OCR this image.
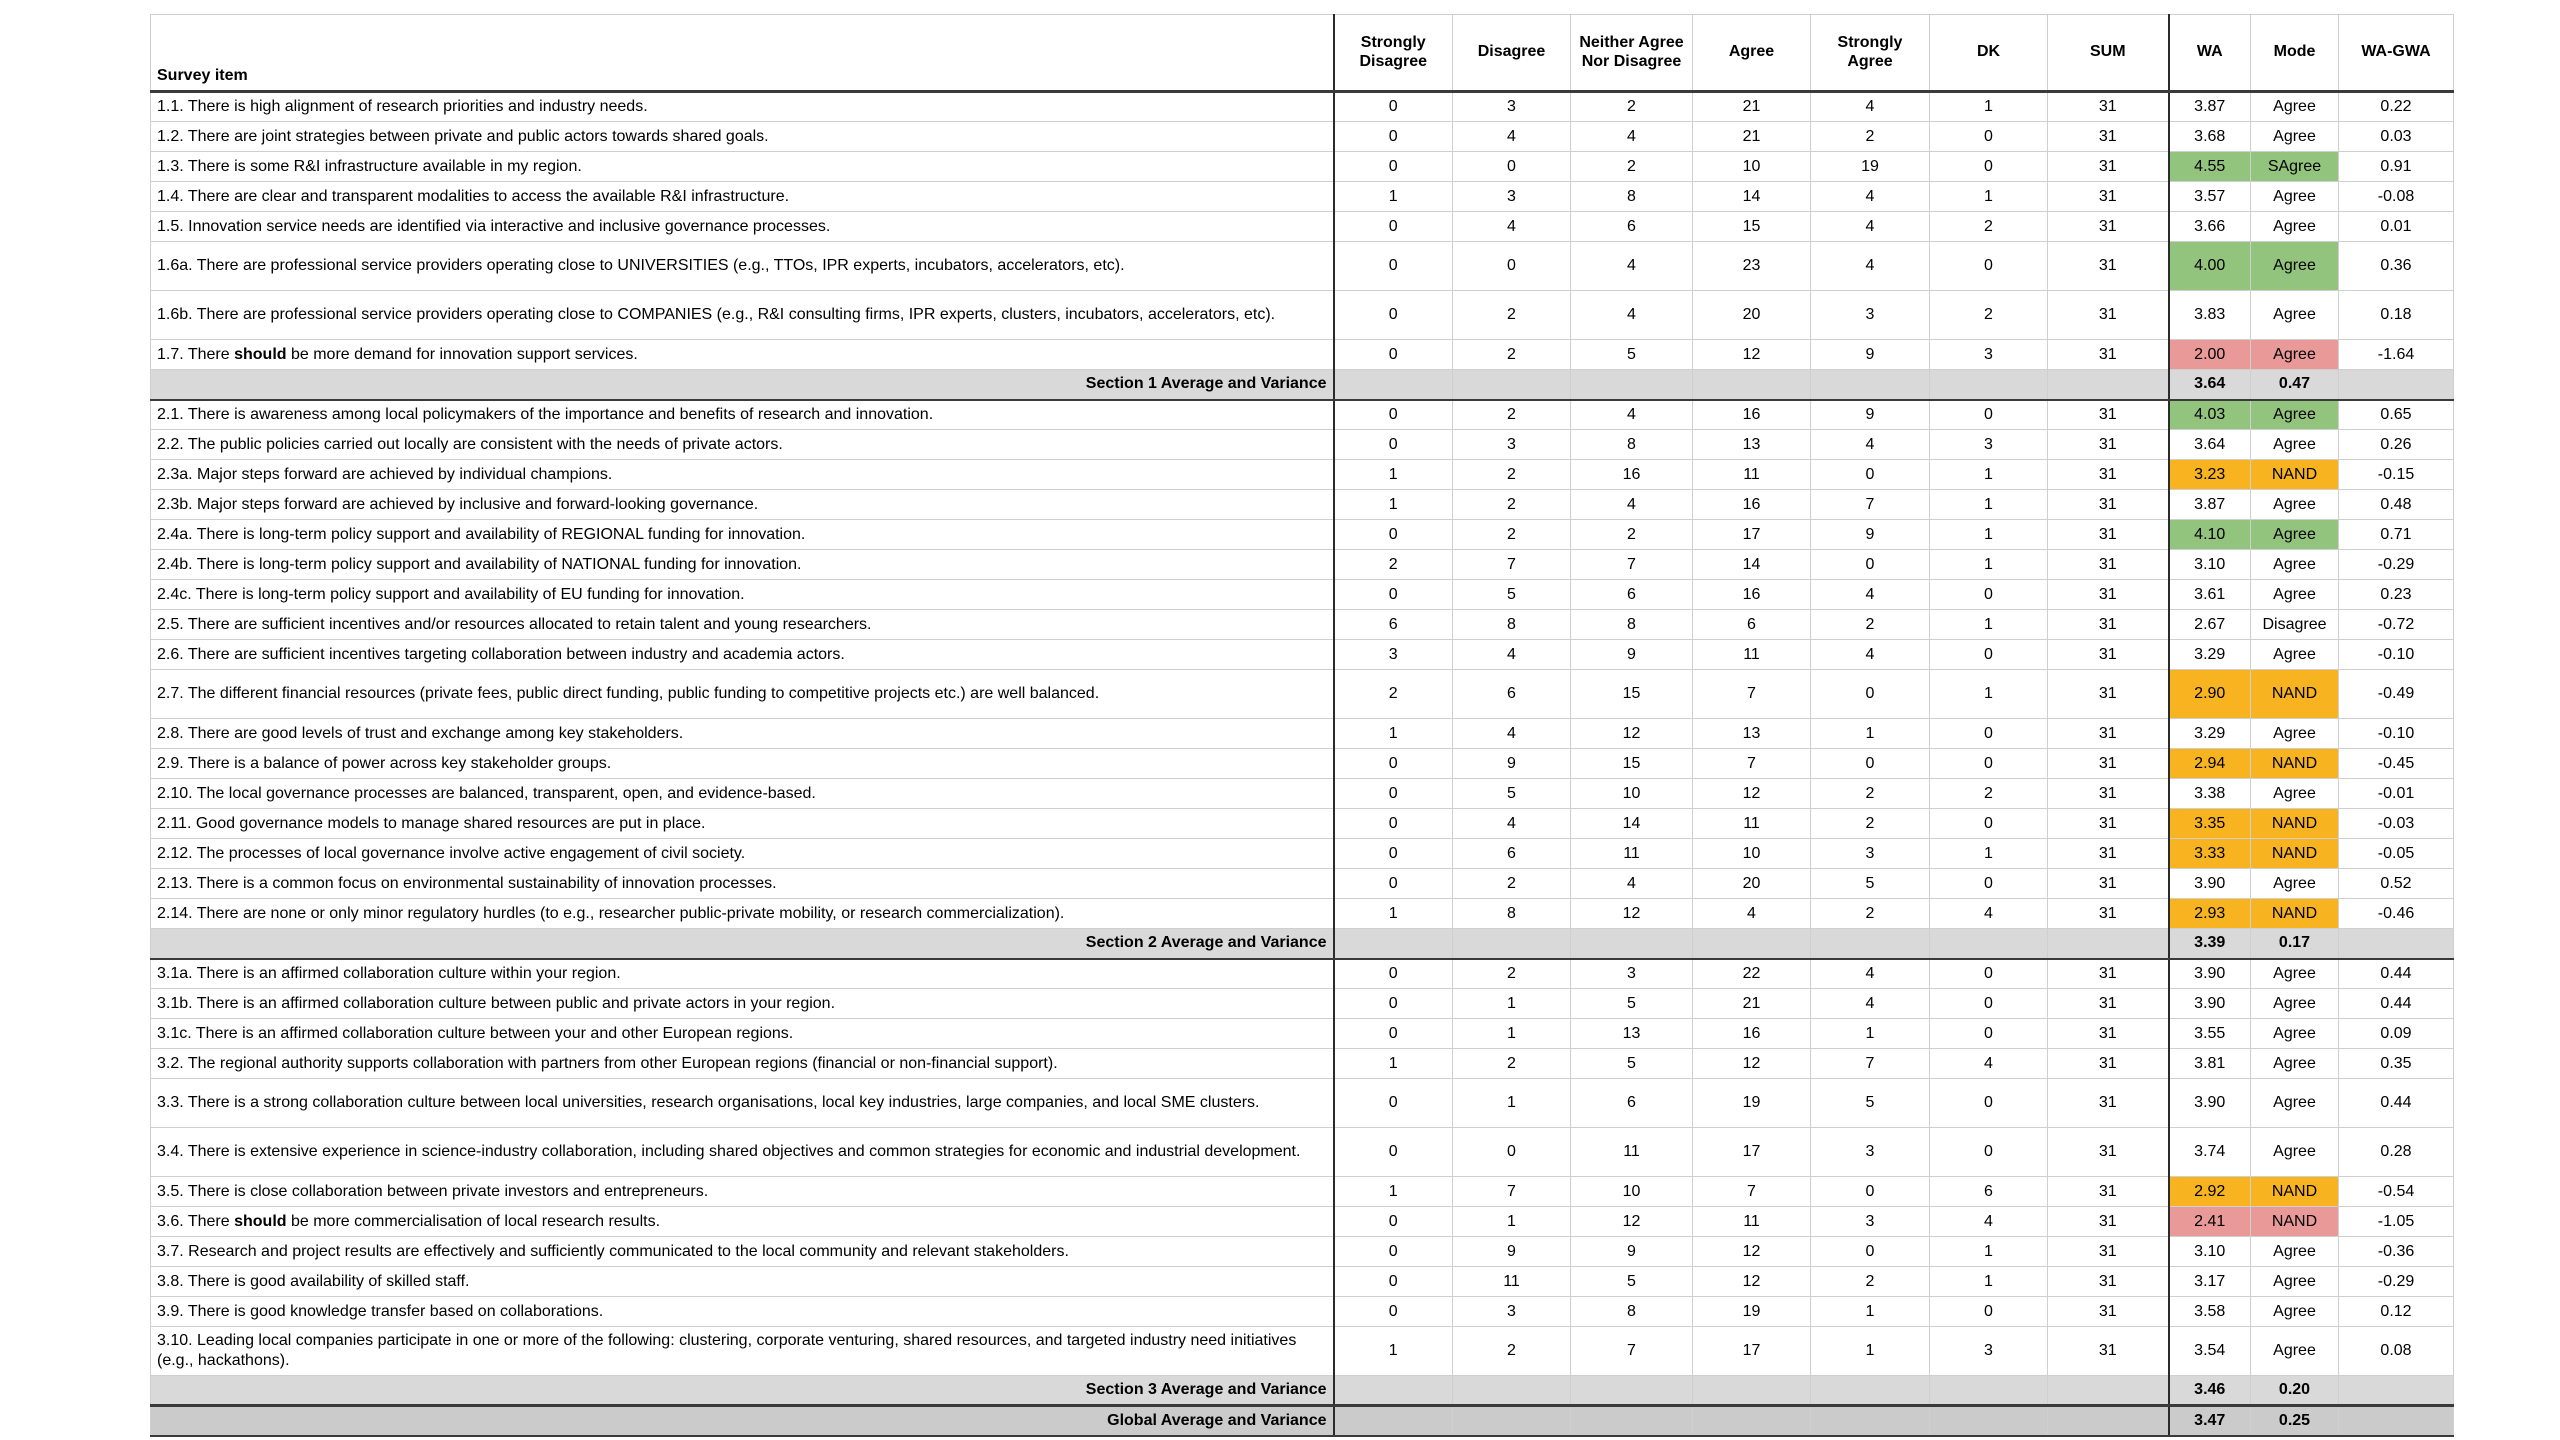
Survey item	Strongly Disagree	Disagree	Neither Agree Nor Disagree	Agree	Strongly Agree	DK	SUM	WA	Mode	WA-GWA
1.1. There is high alignment of research priorities and industry needs.	0	3	2	21	4	1	31	3.87	Agree	0.22
1.2. There are joint strategies between private and public actors towards shared goals.	0	4	4	21	2	0	31	3.68	Agree	0.03
1.3. There is some R&I infrastructure available in my region.	0	0	2	10	19	0	31	4.55	SAgree	0.91
1.4. There are clear and transparent modalities to access the available R&I infrastructure.	1	3	8	14	4	1	31	3.57	Agree	-0.08
1.5. Innovation service needs are identified via interactive and inclusive governance processes.	0	4	6	15	4	2	31	3.66	Agree	0.01
1.6a. There are professional service providers operating close to UNIVERSITIES (e.g., TTOs, IPR experts, incubators, accelerators, etc).	0	0	4	23	4	0	31	4.00	Agree	0.36
1.6b. There are professional service providers operating close to COMPANIES (e.g., R&I consulting firms, IPR experts, clusters, incubators, accelerators, etc).	0	2	4	20	3	2	31	3.83	Agree	0.18
1.7. There should be more demand for innovation support services.	0	2	5	12	9	3	31	2.00	Agree	-1.64
Section 1 Average and Variance								3.64	0.47	
2.1. There is awareness among local policymakers of the importance and benefits of research and innovation.	0	2	4	16	9	0	31	4.03	Agree	0.65
2.2. The public policies carried out locally are consistent with the needs of private actors.	0	3	8	13	4	3	31	3.64	Agree	0.26
2.3a. Major steps forward are achieved by individual champions.	1	2	16	11	0	1	31	3.23	NAND	-0.15
2.3b. Major steps forward are achieved by inclusive and forward-looking governance.	1	2	4	16	7	1	31	3.87	Agree	0.48
2.4a. There is long-term policy support and availability of REGIONAL funding for innovation.	0	2	2	17	9	1	31	4.10	Agree	0.71
2.4b. There is long-term policy support and availability of NATIONAL funding for innovation.	2	7	7	14	0	1	31	3.10	Agree	-0.29
2.4c. There is long-term policy support and availability of EU funding for innovation.	0	5	6	16	4	0	31	3.61	Agree	0.23
2.5. There are sufficient incentives and/or resources allocated to retain talent and young researchers.	6	8	8	6	2	1	31	2.67	Disagree	-0.72
2.6. There are sufficient incentives targeting collaboration between industry and academia actors.	3	4	9	11	4	0	31	3.29	Agree	-0.10
2.7. The different financial resources (private fees, public direct funding, public funding to competitive projects etc.) are well balanced.	2	6	15	7	0	1	31	2.90	NAND	-0.49
2.8. There are good levels of trust and exchange among key stakeholders.	1	4	12	13	1	0	31	3.29	Agree	-0.10
2.9. There is a balance of power across key stakeholder groups.	0	9	15	7	0	0	31	2.94	NAND	-0.45
2.10. The local governance processes are balanced, transparent, open, and evidence-based.	0	5	10	12	2	2	31	3.38	Agree	-0.01
2.11. Good governance models to manage shared resources are put in place.	0	4	14	11	2	0	31	3.35	NAND	-0.03
2.12. The processes of local governance involve active engagement of civil society.	0	6	11	10	3	1	31	3.33	NAND	-0.05
2.13. There is a common focus on environmental sustainability of innovation processes.	0	2	4	20	5	0	31	3.90	Agree	0.52
2.14. There are none or only minor regulatory hurdles (to e.g., researcher public-private mobility, or research commercialization).	1	8	12	4	2	4	31	2.93	NAND	-0.46
Section 2 Average and Variance								3.39	0.17	
3.1a. There is an affirmed collaboration culture within your region.	0	2	3	22	4	0	31	3.90	Agree	0.44
3.1b. There is an affirmed collaboration culture between public and private actors in your region.	0	1	5	21	4	0	31	3.90	Agree	0.44
3.1c. There is an affirmed collaboration culture between your and other European regions.	0	1	13	16	1	0	31	3.55	Agree	0.09
3.2. The regional authority supports collaboration with partners from other European regions (financial or non-financial support).	1	2	5	12	7	4	31	3.81	Agree	0.35
3.3. There is a strong collaboration culture between local universities, research organisations, local key industries, large companies, and local SME clusters.	0	1	6	19	5	0	31	3.90	Agree	0.44
3.4. There is extensive experience in science-industry collaboration, including shared objectives and common strategies for economic and industrial development.	0	0	11	17	3	0	31	3.74	Agree	0.28
3.5. There is close collaboration between private investors and entrepreneurs.	1	7	10	7	0	6	31	2.92	NAND	-0.54
3.6. There should be more commercialisation of local research results.	0	1	12	11	3	4	31	2.41	NAND	-1.05
3.7. Research and project results are effectively and sufficiently communicated to the local community and relevant stakeholders.	0	9	9	12	0	1	31	3.10	Agree	-0.36
3.8. There is good availability of skilled staff.	0	11	5	12	2	1	31	3.17	Agree	-0.29
3.9. There is good knowledge transfer based on collaborations.	0	3	8	19	1	0	31	3.58	Agree	0.12
3.10. Leading local companies participate in one or more of the following: clustering, corporate venturing, shared resources, and targeted industry need initiatives (e.g., hackathons).	1	2	7	17	1	3	31	3.54	Agree	0.08
Section 3 Average and Variance								3.46	0.20	
Global Average and Variance								3.47	0.25	
